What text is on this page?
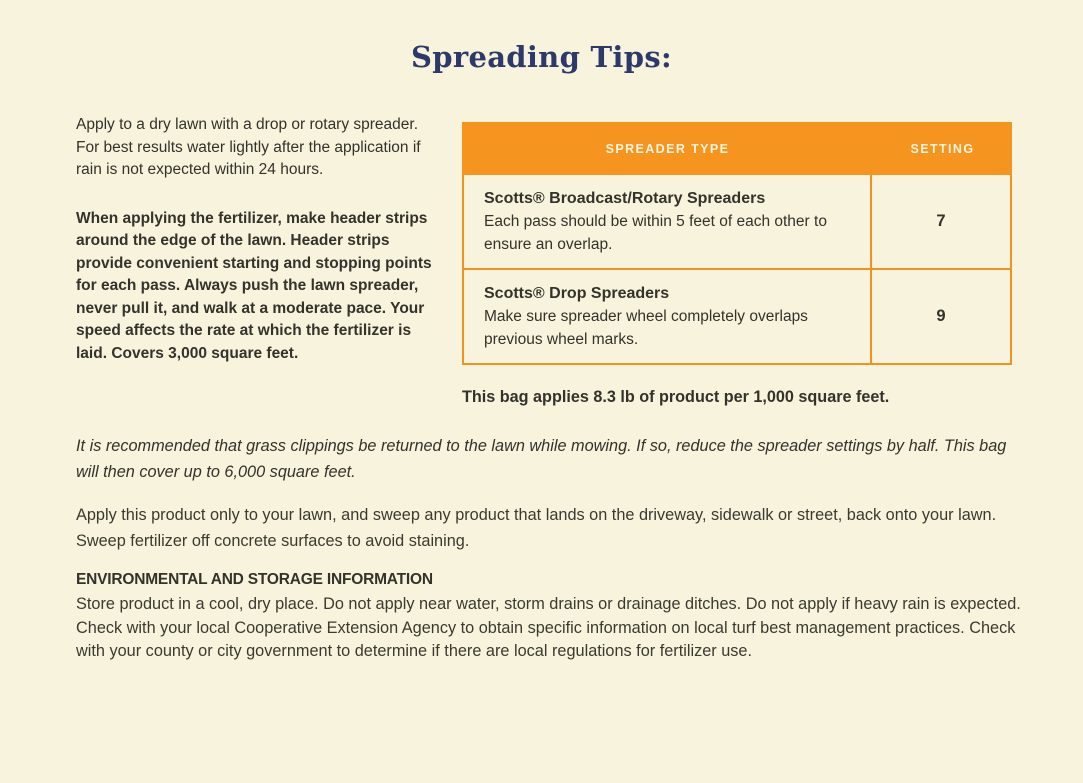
Spreading Tips:

Apply to a dry lawn with a drop or rotary spreader. For best results water lightly after the application if rain is not expected within 24 hours.

When applying the fertilizer, make header strips around the edge of the lawn. Header strips provide convenient starting and stopping points for each pass. Always push the lawn spreader, never pull it, and walk at a moderate pace. Your speed affects the rate at which the fertilizer is laid. Covers 3,000 square feet.

SPREADER TYPE	SETTING
Scotts® Broadcast/Rotary Spreaders
Each pass should be within 5 feet of each other to ensure an overlap.
7
Scotts® Drop Spreaders
Make sure spreader wheel completely overlaps previous wheel marks.
9

This bag applies 8.3 lb of product per 1,000 square feet.

It is recommended that grass clippings be returned to the lawn while mowing. If so, reduce the spreader settings by half. This bag will then cover up to 6,000 square feet.

Apply this product only to your lawn, and sweep any product that lands on the driveway, sidewalk or street, back onto your lawn. Sweep fertilizer off concrete surfaces to avoid staining.

ENVIRONMENTAL AND STORAGE INFORMATION

Store product in a cool, dry place. Do not apply near water, storm drains or drainage ditches. Do not apply if heavy rain is expected. Check with your local Cooperative Extension Agency to obtain specific information on local turf best management practices. Check with your county or city government to determine if there are local regulations for fertilizer use.
